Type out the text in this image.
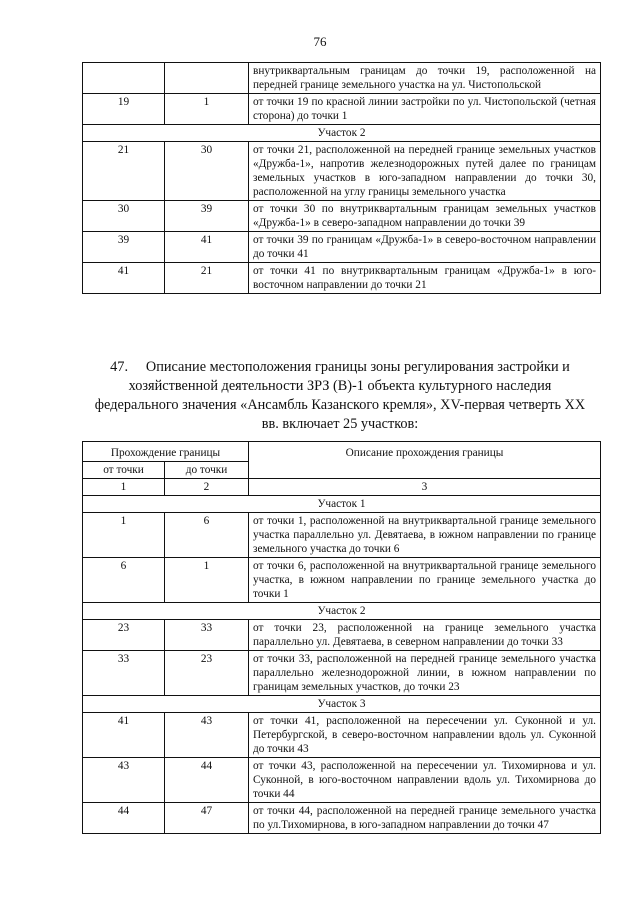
76
		внутриквартальным границам до точки 19, расположенной на передней границе земельного участка на ул. Чистопольской
19	1	от точки 19 по красной линии застройки по ул. Чистопольской (четная сторона) до точки 1
Участок 2		
21	30	от точки 21, расположенной на передней границе земельных участков «Дружба-1», напротив железнодорожных путей далее по границам земельных участков в юго-западном направлении до точки 30, расположенной на углу границы земельного участка
30	39	от точки 30 по внутриквартальным границам земельных участков «Дружба-1» в северо-западном направлении до точки 39
39	41	от точки 39 по границам «Дружба-1» в северо-восточном направлении до точки 41
41	21	от точки 41 по внутриквартальным границам «Дружба-1» в юго-восточном направлении до точки 21
47. Описание местоположения границы зоны регулирования застройки и хозяйственной деятельности ЗРЗ (В)-1 объекта культурного наследия федерального значения «Ансамбль Казанского кремля», XV-первая четверть XX вв. включает 25 участков:
Прохождение границы		Описание прохождения границы
от точки	до точки	
1	2	3
Участок 1		
1	6	от точки 1, расположенной на внутриквартальной границе земельного участка параллельно ул. Девятаева, в южном направлении по границе земельного участка до точки 6
6	1	от точки 6, расположенной на внутриквартальной границе земельного участка, в южном направлении по границе земельного участка до точки 1
Участок 2		
23	33	от точки 23, расположенной на границе земельного участка параллельно ул. Девятаева, в северном направлении до точки 33
33	23	от точки 33, расположенной на передней границе земельного участка параллельно железнодорожной линии, в южном направлении по границам земельных участков, до точки 23
Участок 3		
41	43	от точки 41, расположенной на пересечении ул. Суконной и ул. Петербургской, в северо-восточном направлении вдоль ул. Суконной до точки 43
43	44	от точки 43, расположенной на пересечении ул. Тихомирнова и ул. Суконной, в юго-восточном направлении вдоль ул. Тихомирнова до точки 44
44	47	от точки 44, расположенной на передней границе земельного участка по ул.Тихомирнова, в юго-западном направлении до точки 47
